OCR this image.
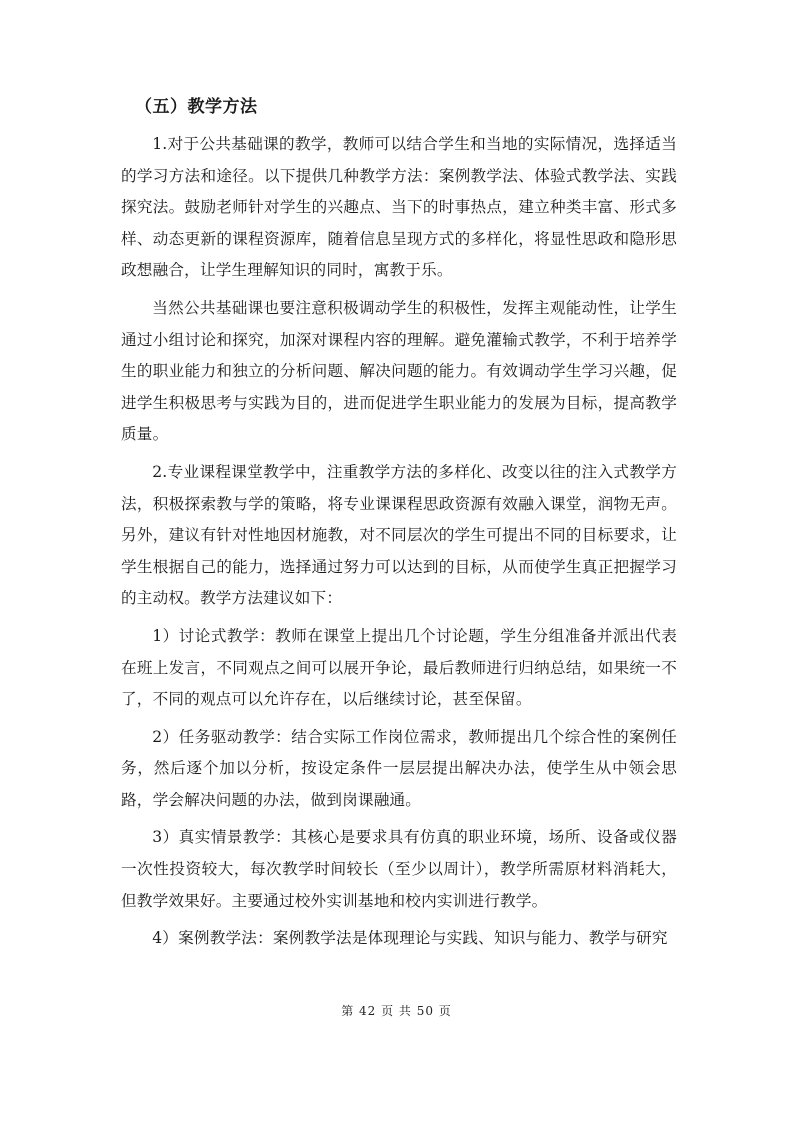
（五）教学方法

1.对于公共基础课的教学，教师可以结合学生和当地的实际情况，选择适当的学习方法和途径。以下提供几种教学方法：案例教学法、体验式教学法、实践探究法。鼓励老师针对学生的兴趣点、当下的时事热点，建立种类丰富、形式多样、动态更新的课程资源库，随着信息呈现方式的多样化，将显性思政和隐形思政想融合，让学生理解知识的同时，寓教于乐。

当然公共基础课也要注意积极调动学生的积极性，发挥主观能动性，让学生通过小组讨论和探究，加深对课程内容的理解。避免灌输式教学，不利于培养学生的职业能力和独立的分析问题、解决问题的能力。有效调动学生学习兴趣，促进学生积极思考与实践为目的，进而促进学生职业能力的发展为目标，提高教学质量。

2.专业课程课堂教学中，注重教学方法的多样化、改变以往的注入式教学方法，积极探索教与学的策略，将专业课课程思政资源有效融入课堂，润物无声。另外，建议有针对性地因材施教，对不同层次的学生可提出不同的目标要求，让学生根据自己的能力，选择通过努力可以达到的目标，从而使学生真正把握学习的主动权。教学方法建议如下：

1）讨论式教学：教师在课堂上提出几个讨论题，学生分组准备并派出代表在班上发言，不同观点之间可以展开争论，最后教师进行归纳总结，如果统一不了，不同的观点可以允许存在，以后继续讨论，甚至保留。

2）任务驱动教学：结合实际工作岗位需求，教师提出几个综合性的案例任务，然后逐个加以分析，按设定条件一层层提出解决办法，使学生从中领会思路，学会解决问题的办法，做到岗课融通。

3）真实情景教学：其核心是要求具有仿真的职业环境，场所、设备或仪器一次性投资较大，每次教学时间较长（至少以周计），教学所需原材料消耗大，但教学效果好。主要通过校外实训基地和校内实训进行教学。

4）案例教学法：案例教学法是体现理论与实践、知识与能力、教学与研究

第 42 页 共 50 页
